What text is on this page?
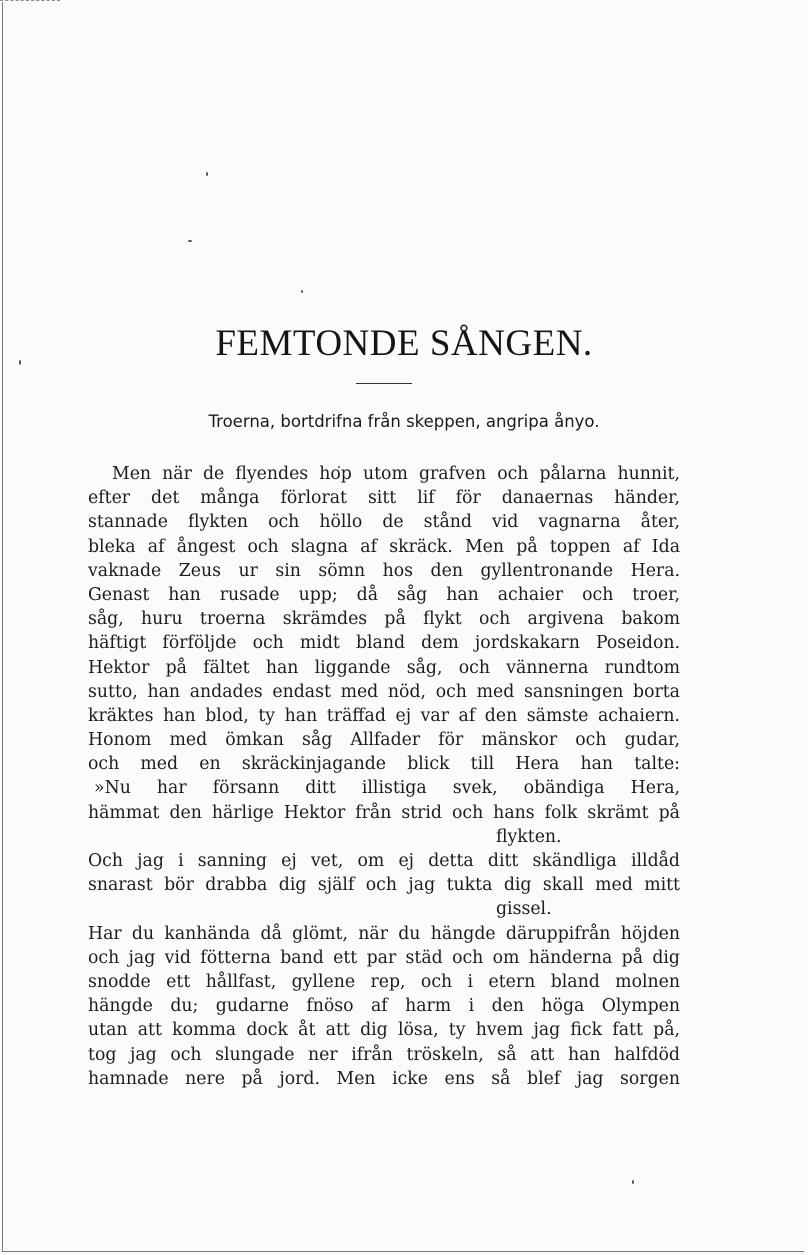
FEMTONDE SÅNGEN.
Troerna, bortdrifna från skeppen, angripa ånyo.
Men när de flyendes hop utom grafven och pålarna hunnit,
efter det många förlorat sitt lif för danaernas händer,
stannade flykten och höllo de stånd vid vagnarna åter,
bleka af ångest och slagna af skräck. Men på toppen af Ida
vaknade Zeus ur sin sömn hos den gyllentronande Hera.
Genast han rusade upp; då såg han achaier och troer,
såg, huru troerna skrämdes på flykt och argivena bakom
häftigt förföljde och midt bland dem jordskakarn Poseidon.
Hektor på fältet han liggande såg, och vännerna rundtom
sutto, han andades endast med nöd, och med sansningen borta
kräktes han blod, ty han träffad ej var af den sämste achaiern.
Honom med ömkan såg Allfader för mänskor och gudar,
och med en skräckinjagande blick till Hera han talte:
»Nu har försann ditt illistiga svek, obändiga Hera,
hämmat den härlige Hektor från strid och hans folk skrämt på
flykten.
Och jag i sanning ej vet, om ej detta ditt skändliga illdåd
snarast bör drabba dig själf och jag tukta dig skall med mitt
gissel.
Har du kanhända då glömt, när du hängde däruppifrån höjden
och jag vid fötterna band ett par städ och om händerna på dig
snodde ett hållfast, gyllene rep, och i etern bland molnen
hängde du; gudarne fnöso af harm i den höga Olympen
utan att komma dock åt att dig lösa, ty hvem jag fick fatt på,
tog jag och slungade ner ifrån tröskeln, så att han halfdöd
hamnade nere på jord. Men icke ens så blef jag sorgen
